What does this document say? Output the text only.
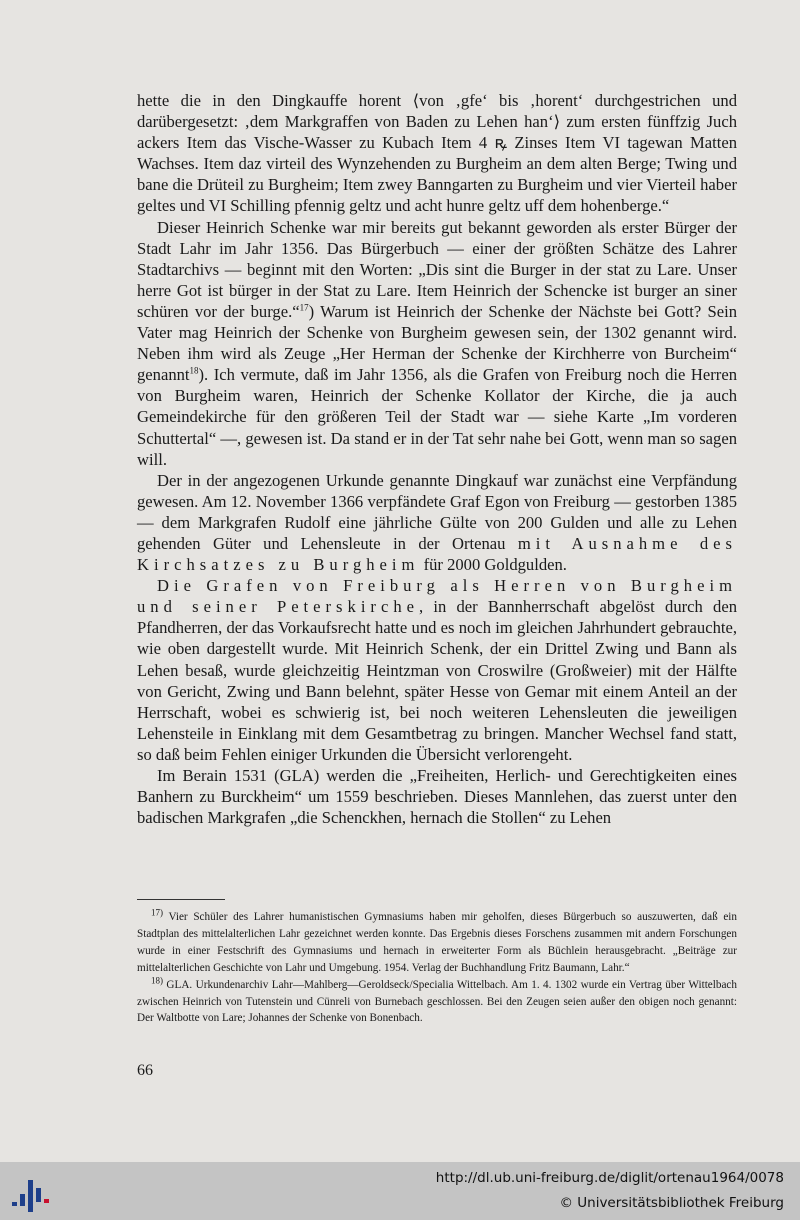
hette die in den Dingkauffe horent ⟨von ‚gfe‘ bis ‚horent‘ durchgestrichen und darübergesetzt: ‚dem Markgraffen von Baden zu Lehen han‘⟩ zum ersten fünffzig Juch ackers Item das Vische-Wasser zu Kubach Item 4 ꝶ Zinses Item VI tagewan Matten Wachses. Item daz virteil des Wynzehenden zu Burgheim an dem alten Berge; Twing und bane die Drüteil zu Burgheim; Item zwey Banngarten zu Burgheim und vier Vierteil haber geltes und VI Schilling pfennig geltz und acht hunre geltz uff dem hohenberge.“

Dieser Heinrich Schenke war mir bereits gut bekannt geworden als erster Bürger der Stadt Lahr im Jahr 1356. Das Bürgerbuch — einer der größten Schätze des Lahrer Stadtarchivs — beginnt mit den Worten: „Dis sint die Burger in der stat zu Lare. Unser herre Got ist bürger in der Stat zu Lare. Item Heinrich der Schencke ist burger an siner schüren vor der burge.“$^{17}$) Warum ist Heinrich der Schenke der Nächste bei Gott? Sein Vater mag Heinrich der Schenke von Burgheim gewesen sein, der 1302 genannt wird. Neben ihm wird als Zeuge „Her Herman der Schenke der Kirchherre von Burcheim“ genannt$^{18}$). Ich vermute, daß im Jahr 1356, als die Grafen von Freiburg noch die Herren von Burgheim waren, Heinrich der Schenke Kollator der Kirche, die ja auch Gemeindekirche für den größeren Teil der Stadt war — siehe Karte „Im vorderen Schuttertal“ —, gewesen ist. Da stand er in der Tat sehr nahe bei Gott, wenn man so sagen will.

Der in der angezogenen Urkunde genannte Dingkauf war zunächst eine Verpfändung gewesen. Am 12. November 1366 verpfändete Graf Egon von Freiburg — gestorben 1385 — dem Markgrafen Rudolf eine jährliche Gülte von 200 Gulden und alle zu Lehen gehenden Güter und Lehensleute in der Ortenau mit Ausnahme des Kirchsatzes zu Burgheim für 2000 Goldgulden.

Die Grafen von Freiburg als Herren von Burgheim und seiner Peterskirche, in der Bannherrschaft abgelöst durch den Pfandherren, der das Vorkaufsrecht hatte und es noch im gleichen Jahrhundert gebrauchte, wie oben dargestellt wurde. Mit Heinrich Schenk, der ein Drittel Zwing und Bann als Lehen besaß, wurde gleichzeitig Heintzman von Croswilre (Großweier) mit der Hälfte von Gericht, Zwing und Bann belehnt, später Hesse von Gemar mit einem Anteil an der Herrschaft, wobei es schwierig ist, bei noch weiteren Lehensleuten die jeweiligen Lehensteile in Einklang mit dem Gesamtbetrag zu bringen. Mancher Wechsel fand statt, so daß beim Fehlen einiger Urkunden die Übersicht verlorengeht.

Im Berain 1531 (GLA) werden die „Freiheiten, Herlich- und Gerechtigkeiten eines Banhern zu Burckheim“ um 1559 beschrieben. Dieses Mannlehen, das zuerst unter den badischen Markgrafen „die Schenckhen, hernach die Stollen“ zu Lehen

$^{17)}$ Vier Schüler des Lahrer humanistischen Gymnasiums haben mir geholfen, dieses Bürgerbuch so auszuwerten, daß ein Stadtplan des mittelalterlichen Lahr gezeichnet werden konnte. Das Ergebnis dieses Forschens zusammen mit andern Forschungen wurde in einer Festschrift des Gymnasiums und hernach in erweiterter Form als Büchlein herausgebracht. „Beiträge zur mittelalterlichen Geschichte von Lahr und Umgebung. 1954. Verlag der Buchhandlung Fritz Baumann, Lahr.“

$^{18)}$ GLA. Urkundenarchiv Lahr—Mahlberg—Geroldseck/Specialia Wittelbach. Am 1. 4. 1302 wurde ein Vertrag über Wittelbach zwischen Heinrich von Tutenstein und Cünreli von Burnebach geschlossen. Bei den Zeugen seien außer den obigen noch genannt: Der Waltbotte von Lare; Johannes der Schenke von Bonenbach.

66
http://dl.ub.uni-freiburg.de/diglit/ortenau1964/0078
© Universitätsbibliothek Freiburg
